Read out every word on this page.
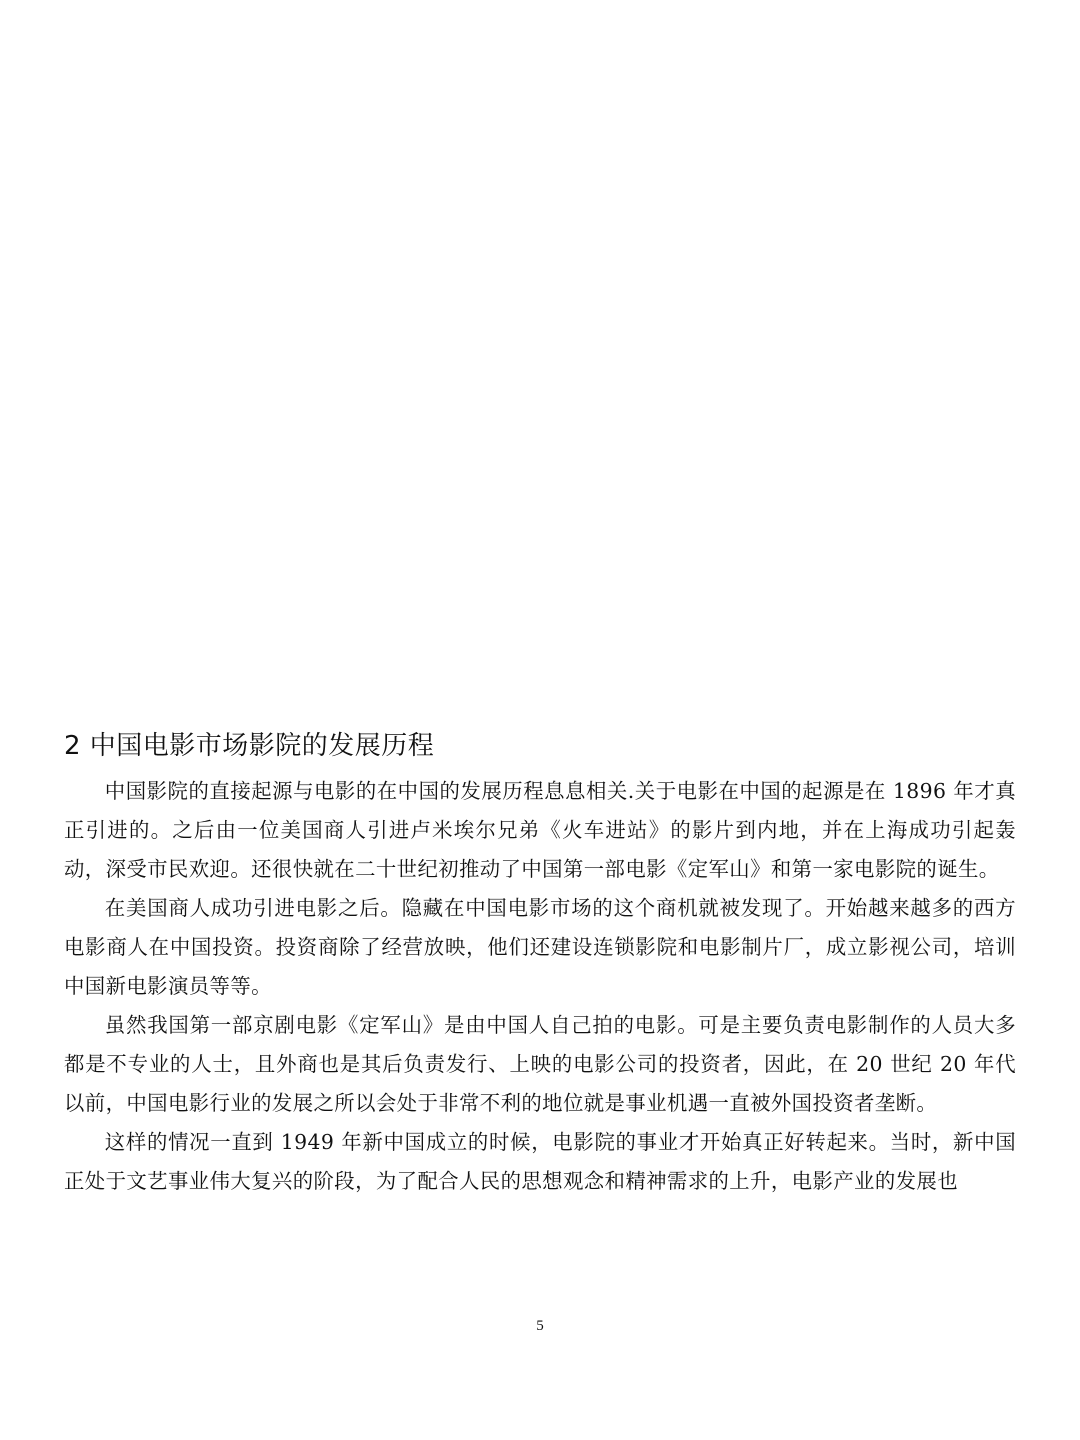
2 中国电影市场影院的发展历程

中国影院的直接起源与电影的在中国的发展历程息息相关.关于电影在中国的起源是在 1896 年才真正引进的。之后由一位美国商人引进卢米埃尔兄弟《火车进站》的影片到内地，并在上海成功引起轰动，深受市民欢迎。还很快就在二十世纪初推动了中国第一部电影《定军山》和第一家电影院的诞生。

在美国商人成功引进电影之后。隐藏在中国电影市场的这个商机就被发现了。开始越来越多的西方电影商人在中国投资。投资商除了经营放映，他们还建设连锁影院和电影制片厂，成立影视公司，培训中国新电影演员等等。

虽然我国第一部京剧电影《定军山》是由中国人自己拍的电影。可是主要负责电影制作的人员大多都是不专业的人士，且外商也是其后负责发行、上映的电影公司的投资者，因此，在 20 世纪 20 年代以前，中国电影行业的发展之所以会处于非常不利的地位就是事业机遇一直被外国投资者垄断。

这样的情况一直到 1949 年新中国成立的时候，电影院的事业才开始真正好转起来。当时，新中国正处于文艺事业伟大复兴的阶段，为了配合人民的思想观念和精神需求的上升，电影产业的发展也

5
